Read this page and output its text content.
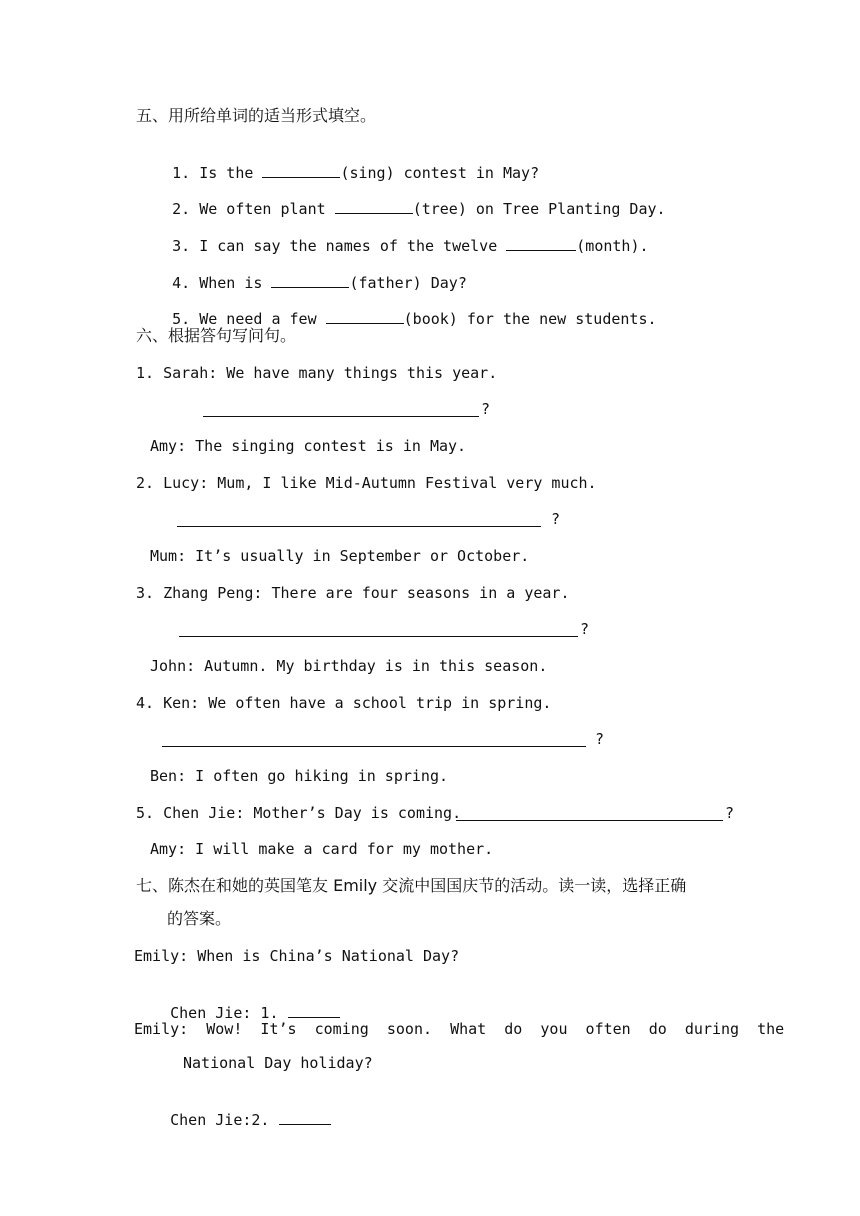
五、用所给单词的适当形式填空。

1. Is the	(sing) contest in May?

2. We often plant	(tree) on Tree Planting Day.

3. I can say the names of the twelve	(month).

4. When is	(father) Day?

5. We need a few	(book) for the new students.

六、根据答句写问句。
1. Sarah: We have many things this year.
?
Amy: The singing contest is in May.
2. Lucy: Mum, I like Mid-Autumn Festival very much.
?
Mum: It’s usually in September or October.
3. Zhang Peng: There are four seasons in a year.
?
John: Autumn. My birthday is in this season.
4. Ken: We often have a school trip in spring.
?
Ben: I often go hiking in spring.
5. Chen Jie: Mother’s Day is coming.	?
Amy: I will make a card for my mother.
七、陈杰在和她的英国笔友 Emily 交流中国国庆节的活动。读一读，选择正确
的答案。
Emily: When is China’s National Day?

Chen Jie: 1.

Emily:  Wow!  It’s  coming  soon.  What  do  you  often  do  during  the
National Day holiday?

Chen Jie:2.
